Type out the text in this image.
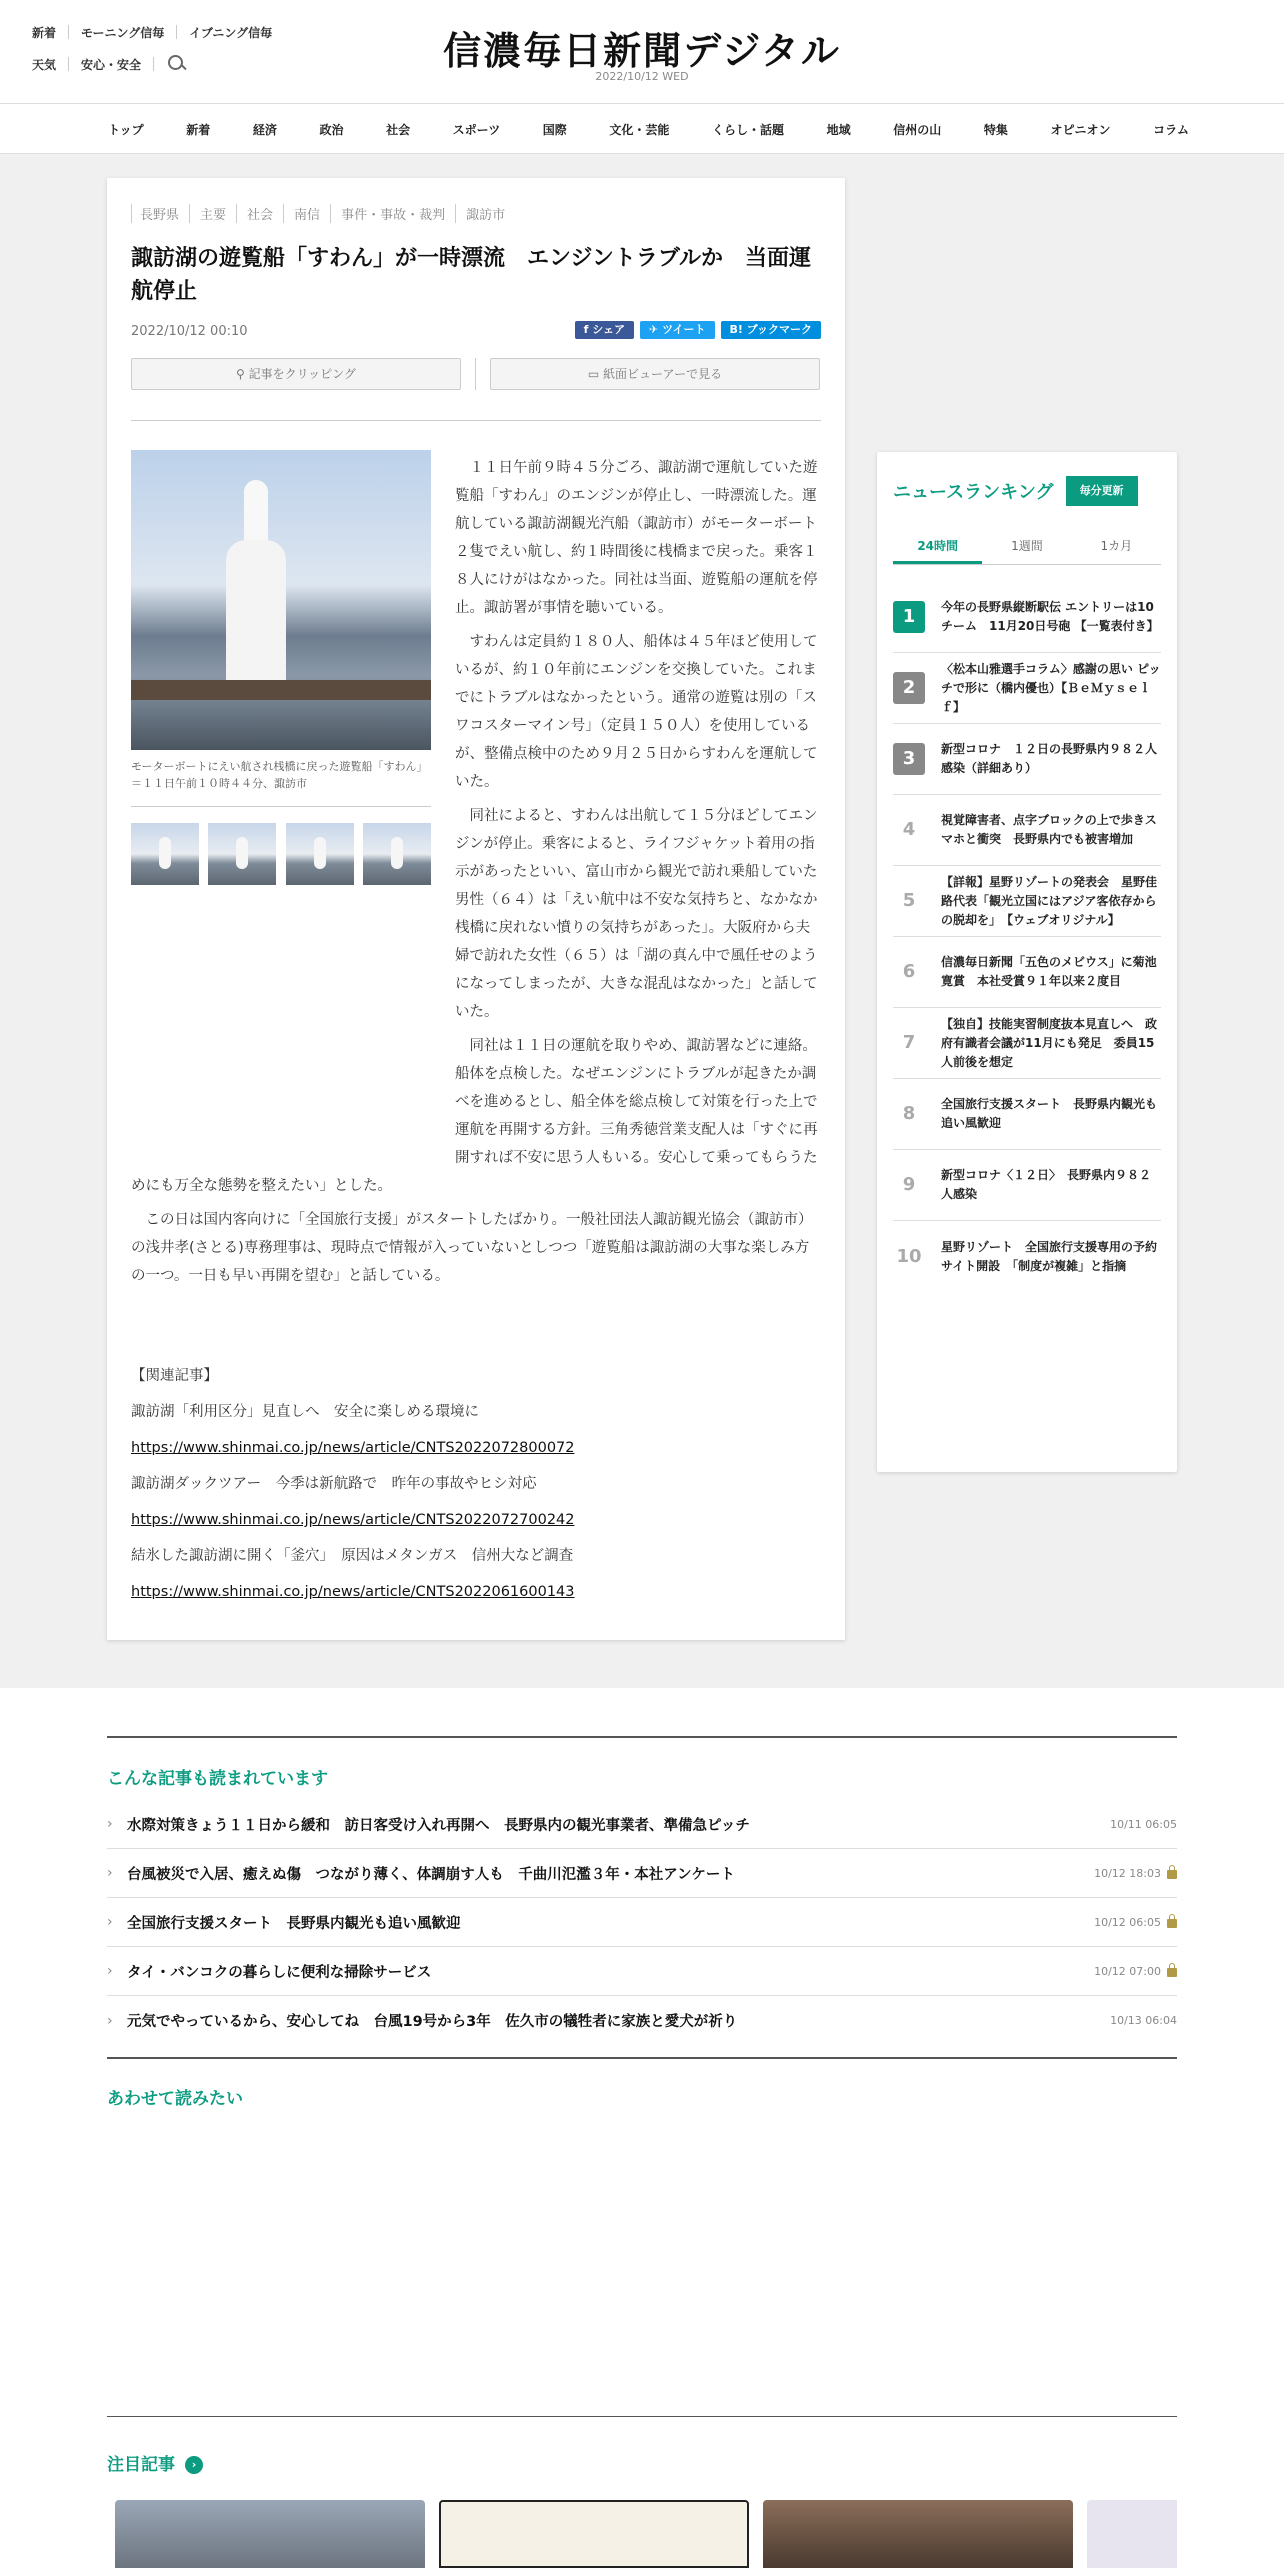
新着 モーニング信毎 イブニング信毎
天気 安心・安全	信濃毎日新聞デジタル
2022/10/12 WED
トップ	新着	経済	政治	社会	スポーツ	国際	文化・芸能	くらし・話題	地域	信州の山	特集	オピニオン	コラム
長野県	主要	社会	南信	事件・事故・裁判	諏訪市
諏訪湖の遊覧船「すわん」が一時漂流　エンジントラブルか　当面運航停止
2022/10/12 00:10	f シェア	✈ ツイート	B! ブックマーク
⚲ 記事をクリッピング	▭ 紙面ビューアーで見る
モーターボートにえい航され桟橋に戻った遊覧船「すわん」＝１１日午前１０時４４分、諏訪市

１１日午前９時４５分ごろ、諏訪湖で運航していた遊覧船「すわん」のエンジンが停止し、一時漂流した。運航している諏訪湖観光汽船（諏訪市）がモーターボート２隻でえい航し、約１時間後に桟橋まで戻った。乗客１８人にけがはなかった。同社は当面、遊覧船の運航を停止。諏訪署が事情を聴いている。

すわんは定員約１８０人、船体は４５年ほど使用しているが、約１０年前にエンジンを交換していた。これまでにトラブルはなかったという。通常の遊覧は別の「スワコスターマイン号」（定員１５０人）を使用しているが、整備点検中のため９月２５日からすわんを運航していた。

同社によると、すわんは出航して１５分ほどしてエンジンが停止。乗客によると、ライフジャケット着用の指示があったといい、富山市から観光で訪れ乗船していた男性（６４）は「えい航中は不安な気持ちと、なかなか桟橋に戻れない憤りの気持ちがあった」。大阪府から夫婦で訪れた女性（６５）は「湖の真ん中で風任せのようになってしまったが、大きな混乱はなかった」と話していた。

同社は１１日の運航を取りやめ、諏訪署などに連絡。船体を点検した。なぜエンジンにトラブルが起きたか調べを進めるとし、船全体を総点検して対策を行った上で運航を再開する方針。三角秀徳営業支配人は「すぐに再開すれば不安に思う人もいる。安心して乗ってもらうためにも万全な態勢を整えたい」とした。

この日は国内客向けに「全国旅行支援」がスタートしたばかり。一般社団法人諏訪観光協会（諏訪市）の浅井孝(さとる)専務理事は、現時点で情報が入っていないとしつつ「遊覧船は諏訪湖の大事な楽しみ方の一つ。一日も早い再開を望む」と話している。

【関連記事】
諏訪湖「利用区分」見直しへ　安全に楽しめる環境に
https://www.shinmai.co.jp/news/article/CNTS2022072800072
諏訪湖ダックツアー　今季は新航路で　昨年の事故やヒシ対応
https://www.shinmai.co.jp/news/article/CNTS2022072700242
結氷した諏訪湖に開く「釜穴」　原因はメタンガス　信州大など調査
https://www.shinmai.co.jp/news/article/CNTS2022061600143
ニュースランキング	毎分更新
24時間	1週間	1カ月
1	今年の長野県縦断駅伝 エントリーは10チーム　11月20日号砲 【一覧表付き】
2
〈松本山雅選手コラム〉感謝の思い ピッチで形に（橋内優也）【ＢｅＭｙｓｅｌｆ】
3	新型コロナ　１２日の長野県内９８２人感染（詳細あり）
4	視覚障害者、点字ブロックの上で歩きスマホと衝突　長野県内でも被害増加
5
【詳報】星野リゾートの発表会　星野佳路代表「観光立国にはアジア客依存からの脱却を」　【ウェブオリジナル】
6	信濃毎日新聞「五色のメビウス」に菊池寛賞　本社受賞９１年以来２度目
7
【独自】技能実習制度抜本見直しへ　政府有識者会議が11月にも発足　委員15人前後を想定
8	全国旅行支援スタート　長野県内観光も追い風歓迎
9	新型コロナ〈１２日〉　長野県内９８２人感染
10 星野リゾート　全国旅行支援専用の予約サイト開設　「制度が複雑」と指摘
こんな記事も読まれています
› 水際対策きょう１１日から緩和　訪日客受け入れ再開へ　長野県内の観光事業者、準備急ピッチ	10/11 06:05
› 台風被災で入居、癒えぬ傷　つながり薄く、体調崩す人も　千曲川氾濫３年・本社アンケート	10/12 18:03
› 全国旅行支援スタート　長野県内観光も追い風歓迎	10/12 06:05
› タイ・バンコクの暮らしに便利な掃除サービス	10/12 07:00
› 元気でやっているから、安心してね　台風19号から3年　佐久市の犠牲者に家族と愛犬が祈り	10/13 06:04
あわせて読みたい
注目記事 ›
